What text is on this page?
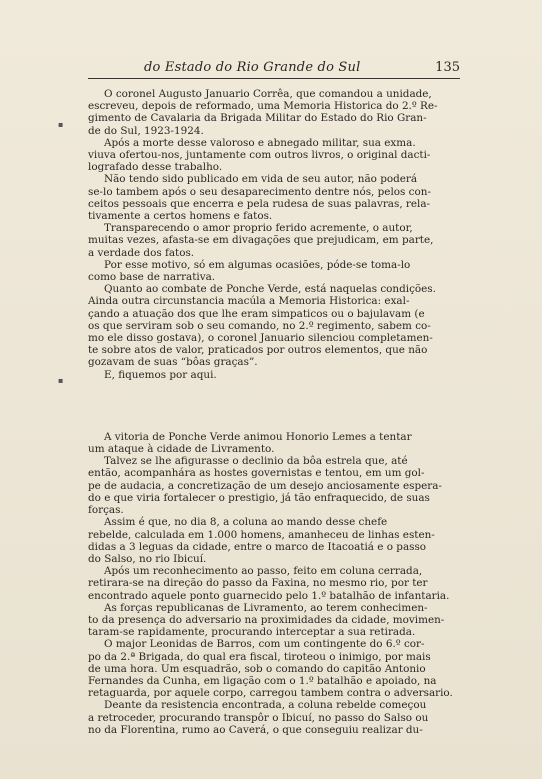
do Estado do Rio Grande do Sul	135

O coronel Augusto Januario Corrêa, que comandou a unidade,

escreveu, depois de reformado, uma Memoria Historica do 2.º Re-

gimento de Cavalaria da Brigada Militar do Estado do Rio Gran-

de do Sul, 1923-1924.

Após a morte desse valoroso e abnegado militar, sua exma.

viuva ofertou-nos, juntamente com outros livros, o original dacti-

lografado desse trabalho.

Não tendo sido publicado em vida de seu autor, não poderá

se-lo tambem após o seu desaparecimento dentre nós, pelos con-

ceitos pessoais que encerra e pela rudesa de suas palavras, rela-

tivamente a certos homens e fatos.

Transparecendo o amor proprio ferido acremente, o autor,

muitas vezes, afasta-se em divagações que prejudicam, em parte,

a verdade dos fatos.

Por esse motivo, só em algumas ocasiões, póde-se toma-lo

como base de narrativa.

Quanto ao combate de Ponche Verde, está naquelas condições.

Ainda outra circunstancia macúla a Memoria Historica: exal-

çando a atuação dos que lhe eram simpaticos ou o bajulavam (e

os que serviram sob o seu comando, no 2.º regimento, sabem co-

mo ele disso gostava), o coronel Januario silenciou completamen-

te sobre atos de valor, praticados por outros elementos, que não

gozavam de suas “bôas graças”.

E, fiquemos por aqui.

A vitoria de Ponche Verde animou Honorio Lemes a tentar

um ataque à cidade de Livramento.

Talvez se lhe afigurasse o declinio da bôa estrela que, até

então, acompanhára as hostes governistas e tentou, em um gol-

pe de audacia, a concretização de um desejo anciosamente espera-

do e que viria fortalecer o prestigio, já tão enfraquecido, de suas

forças.

Assim é que, no dia 8, a coluna ao mando desse chefe

rebelde, calculada em 1.000 homens, amanheceu de linhas esten-

didas a 3 leguas da cidade, entre o marco de Itacoatiá e o passo

do Salso, no rio Ibicuí.

Após um reconhecimento ao passo, feito em coluna cerrada,

retirara-se na direção do passo da Faxina, no mesmo rio, por ter

encontrado aquele ponto guarnecido pelo 1.º batalhão de infantaria.

As forças republicanas de Livramento, ao terem conhecimen-

to da presença do adversario na proximidades da cidade, movimen-

taram-se rapidamente, procurando interceptar a sua retirada.

O major Leonidas de Barros, com um contingente do 6.º cor-

po da 2.ª Brigada, do qual era fiscal, tiroteou o inimigo, por mais

de uma hora. Um esquadrão, sob o comando do capitão Antonio

Fernandes da Cunha, em ligação com o 1.º batalhão e apoiado, na

retaguarda, por aquele corpo, carregou tambem contra o adversario.

Deante da resistencia encontrada, a coluna rebelde começou

a retroceder, procurando transpôr o Ibicuí, no passo do Salso ou

no da Florentina, rumo ao Caverá, o que conseguiu realizar du-

▪
▪
